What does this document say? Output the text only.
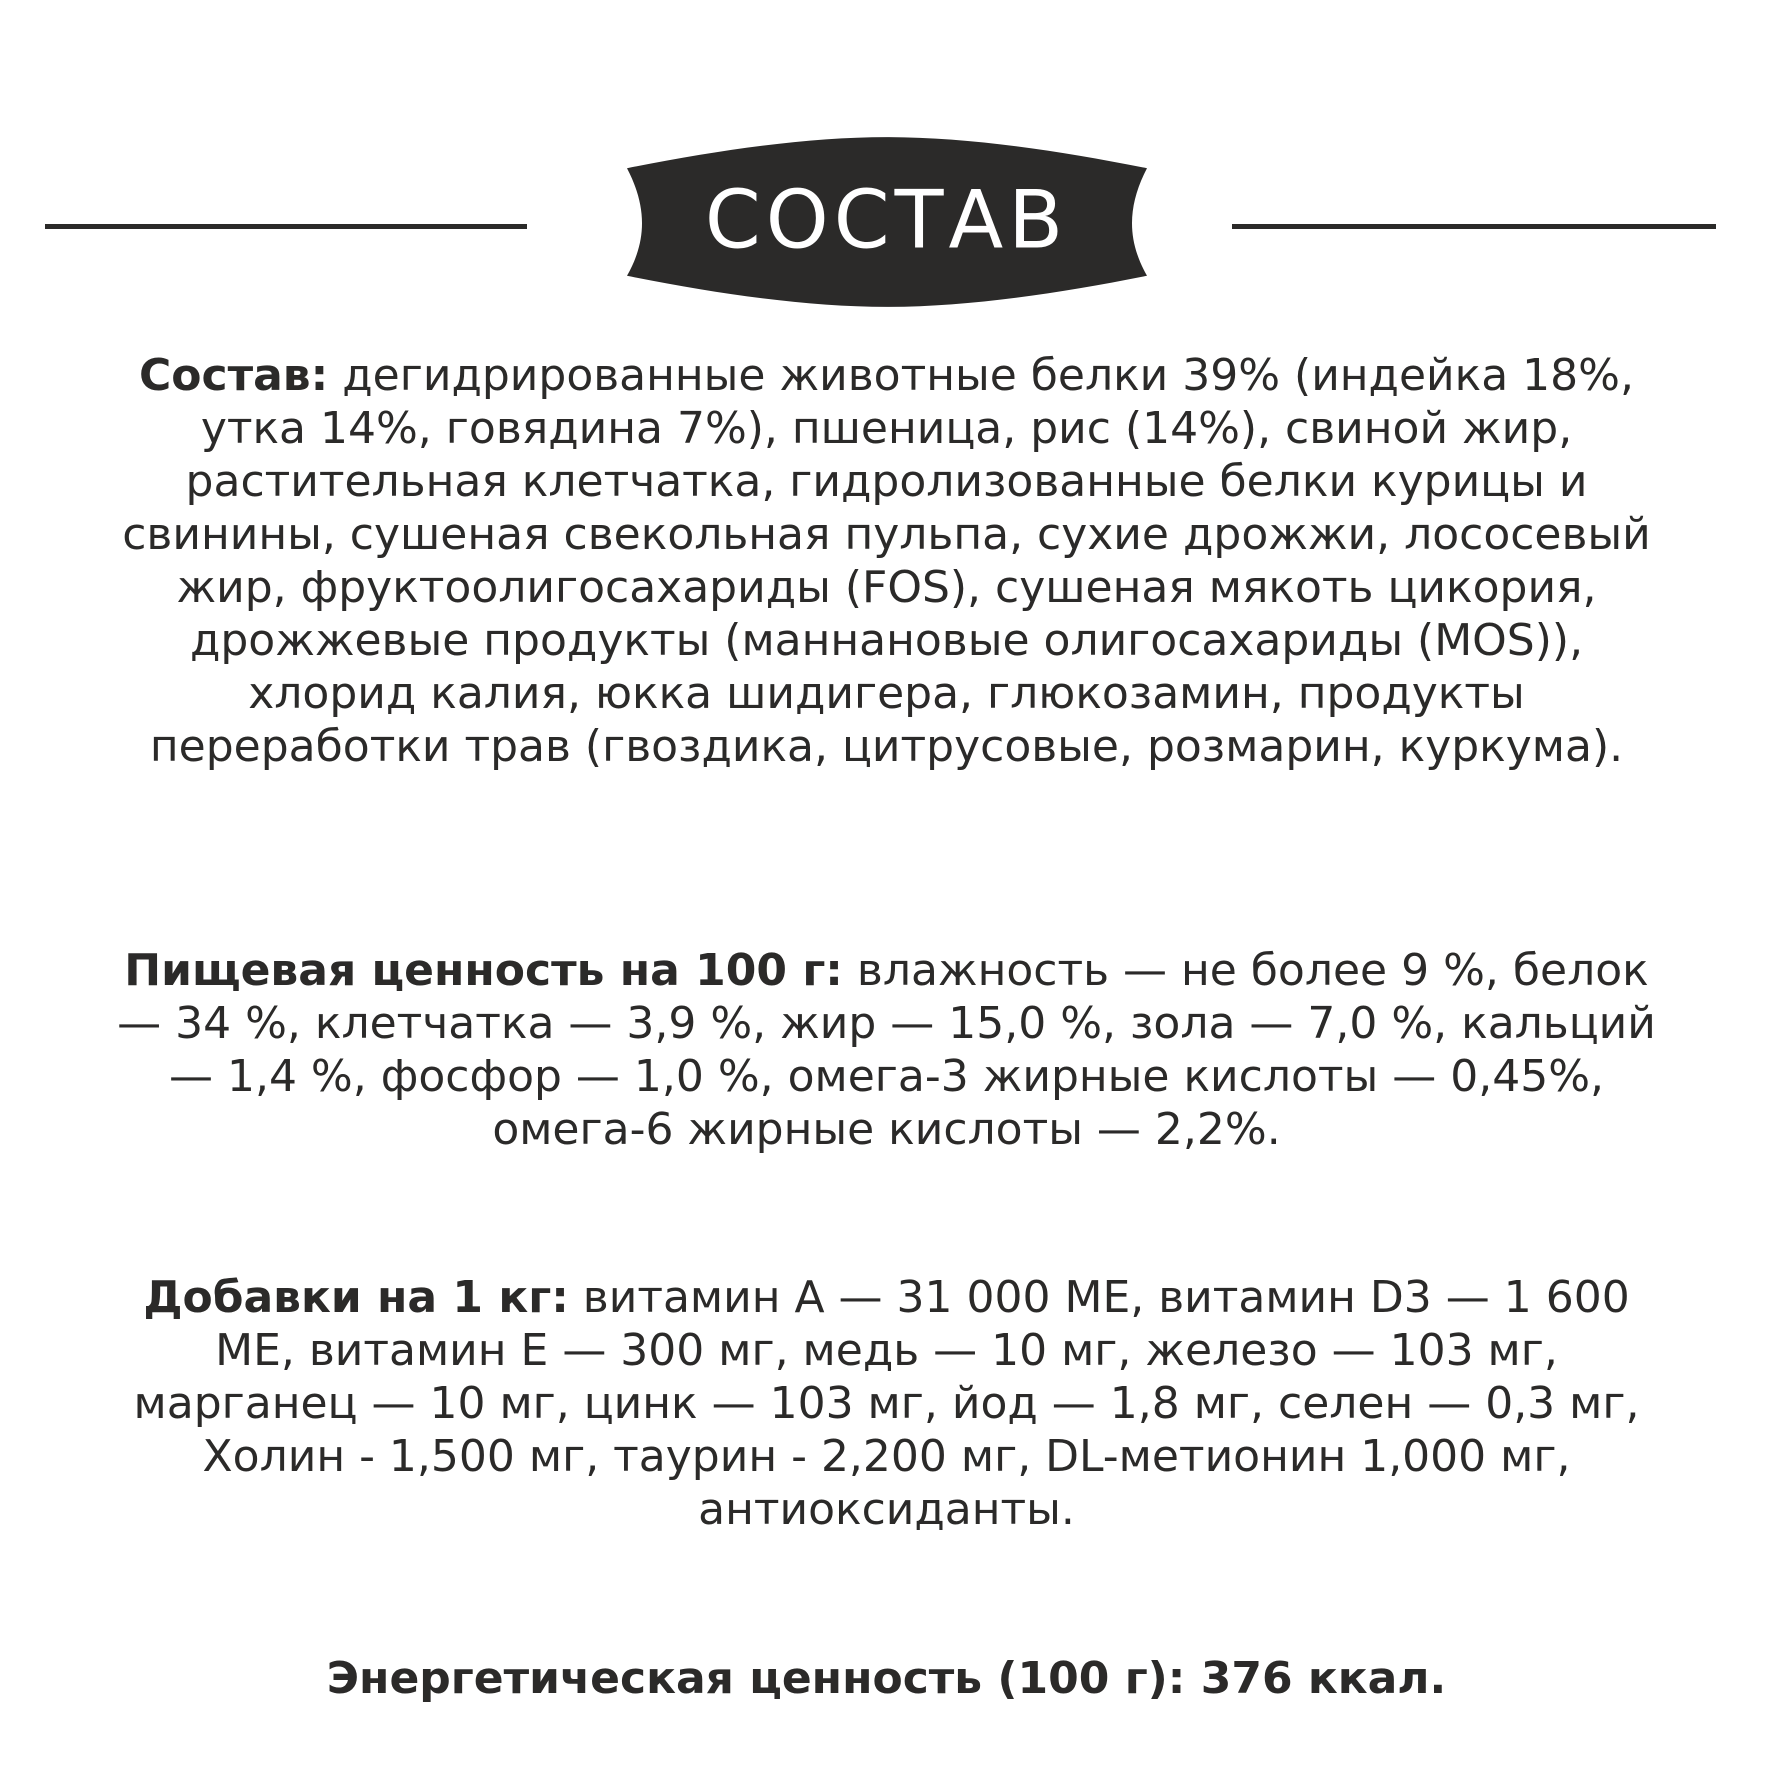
СОСТАВ
Состав: дегидрированные животные белки 39% (индейка 18%,
утка 14%, говядина 7%), пшеница, рис (14%), свиной жир,
растительная клетчатка, гидролизованные белки курицы и
свинины, сушеная свекольная пульпа, сухие дрожжи, лососевый
жир, фруктоолигосахариды (FOS), сушеная мякоть цикория,
дрожжевые продукты (маннановые олигосахариды (MOS)),
хлорид калия, юкка шидигера, глюкозамин, продукты
переработки трав (гвоздика, цитрусовые, розмарин, куркума).
Пищевая ценность на 100 г: влажность — не более 9 %, белок
— 34 %, клетчатка — 3,9 %, жир — 15,0 %, зола — 7,0 %, кальций
— 1,4 %, фосфор — 1,0 %, омега-3 жирные кислоты — 0,45%,
омега-6 жирные кислоты — 2,2%.
Добавки на 1 кг: витамин А — 31 000 МЕ, витамин D3 — 1 600
МЕ, витамин Е — 300 мг, медь — 10 мг, железо — 103 мг,
марганец — 10 мг, цинк — 103 мг, йод — 1,8 мг, селен — 0,3 мг,
Холин - 1,500 мг, таурин - 2,200 мг, DL-метионин 1,000 мг,
антиоксиданты.
Энергетическая ценность (100 г): 376 ккал.
